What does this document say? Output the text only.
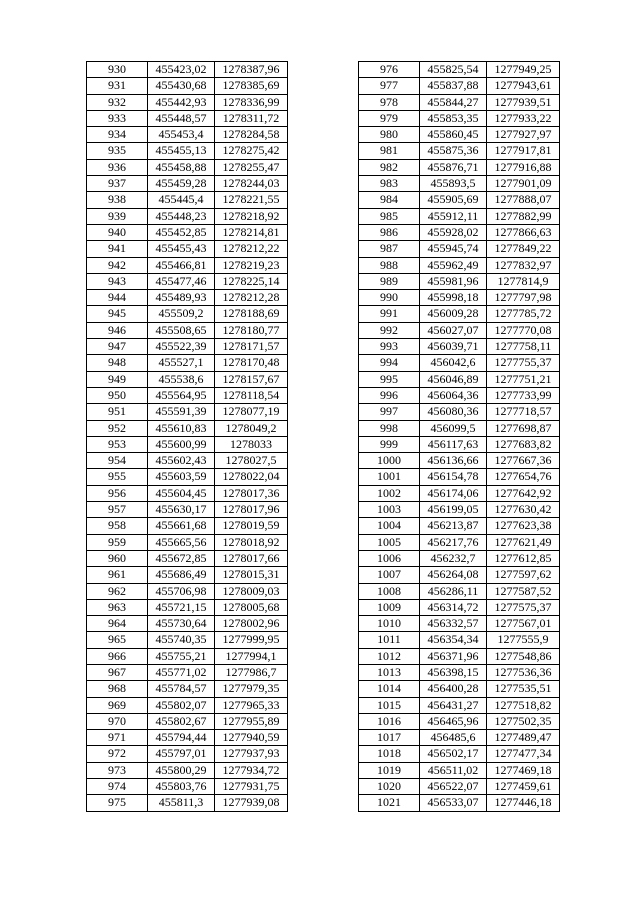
930	455423,02	1278387,96
931	455430,68	1278385,69
932	455442,93	1278336,99
933	455448,57	1278311,72
934	455453,4	1278284,58
935	455455,13	1278275,42
936	455458,88	1278255,47
937	455459,28	1278244,03
938	455445,4	1278221,55
939	455448,23	1278218,92
940	455452,85	1278214,81
941	455455,43	1278212,22
942	455466,81	1278219,23
943	455477,46	1278225,14
944	455489,93	1278212,28
945	455509,2	1278188,69
946	455508,65	1278180,77
947	455522,39	1278171,57
948	455527,1	1278170,48
949	455538,6	1278157,67
950	455564,95	1278118,54
951	455591,39	1278077,19
952	455610,83	1278049,2
953	455600,99	1278033
954	455602,43	1278027,5
955	455603,59	1278022,04
956	455604,45	1278017,36
957	455630,17	1278017,96
958	455661,68	1278019,59
959	455665,56	1278018,92
960	455672,85	1278017,66
961	455686,49	1278015,31
962	455706,98	1278009,03
963	455721,15	1278005,68
964	455730,64	1278002,96
965	455740,35	1277999,95
966	455755,21	1277994,1
967	455771,02	1277986,7
968	455784,57	1277979,35
969	455802,07	1277965,33
970	455802,67	1277955,89
971	455794,44	1277940,59
972	455797,01	1277937,93
973	455800,29	1277934,72
974	455803,76	1277931,75
975	455811,3	1277939,08
976	455825,54	1277949,25
977	455837,88	1277943,61
978	455844,27	1277939,51
979	455853,35	1277933,22
980	455860,45	1277927,97
981	455875,36	1277917,81
982	455876,71	1277916,88
983	455893,5	1277901,09
984	455905,69	1277888,07
985	455912,11	1277882,99
986	455928,02	1277866,63
987	455945,74	1277849,22
988	455962,49	1277832,97
989	455981,96	1277814,9
990	455998,18	1277797,98
991	456009,28	1277785,72
992	456027,07	1277770,08
993	456039,71	1277758,11
994	456042,6	1277755,37
995	456046,89	1277751,21
996	456064,36	1277733,99
997	456080,36	1277718,57
998	456099,5	1277698,87
999	456117,63	1277683,82
1000	456136,66	1277667,36
1001	456154,78	1277654,76
1002	456174,06	1277642,92
1003	456199,05	1277630,42
1004	456213,87	1277623,38
1005	456217,76	1277621,49
1006	456232,7	1277612,85
1007	456264,08	1277597,62
1008	456286,11	1277587,52
1009	456314,72	1277575,37
1010	456332,57	1277567,01
1011	456354,34	1277555,9
1012	456371,96	1277548,86
1013	456398,15	1277536,36
1014	456400,28	1277535,51
1015	456431,27	1277518,82
1016	456465,96	1277502,35
1017	456485,6	1277489,47
1018	456502,17	1277477,34
1019	456511,02	1277469,18
1020	456522,07	1277459,61
1021	456533,07	1277446,18
